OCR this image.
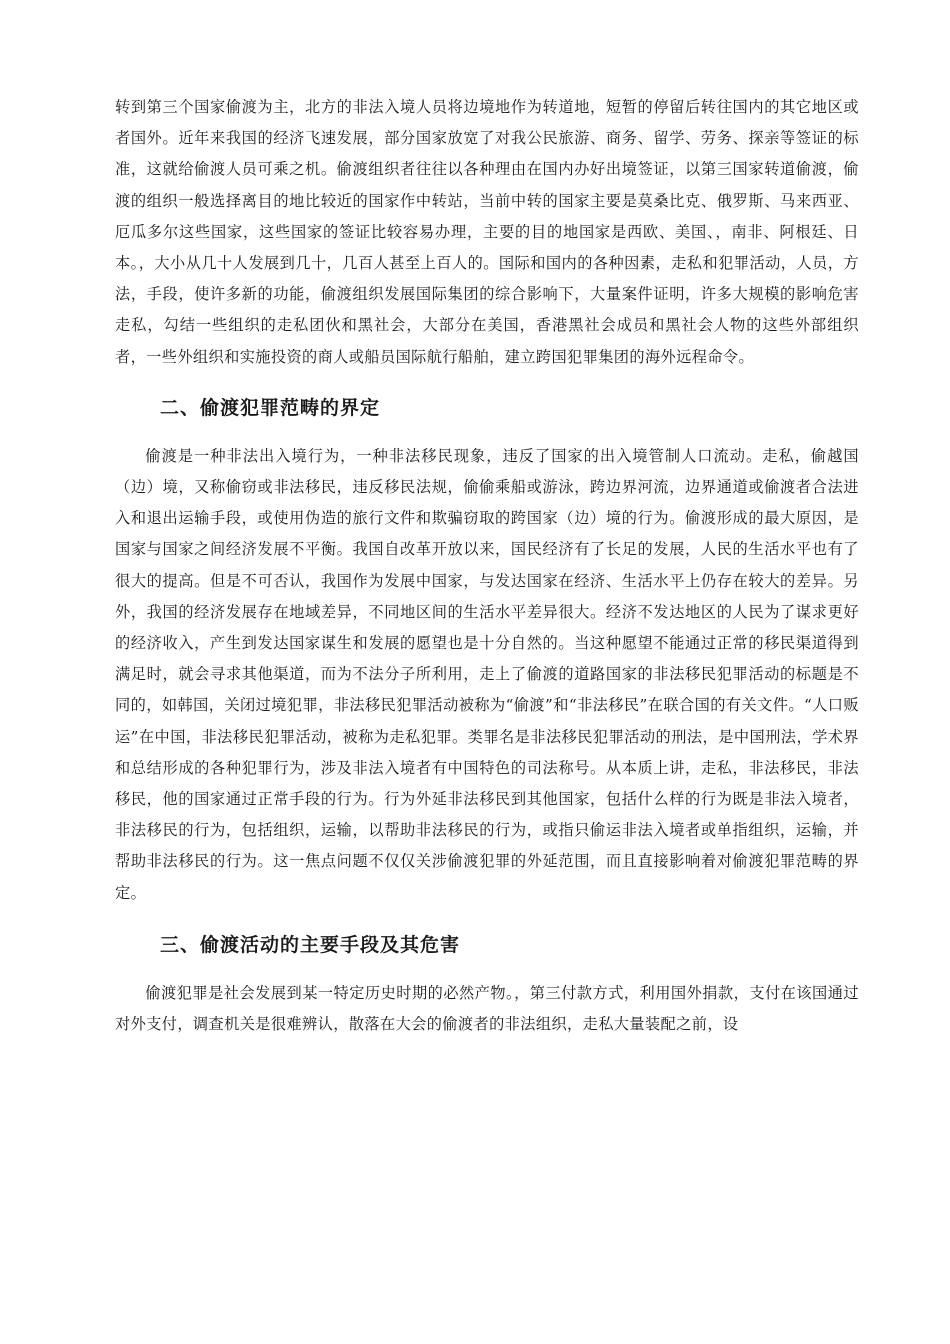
转到第三个国家偷渡为主，北方的非法入境人员将边境地作为转道地，短暂的停留后转往国内的其它地区或者国外。近年来我国的经济飞速发展，部分国家放宽了对我公民旅游、商务、留学、劳务、探亲等签证的标准，这就给偷渡人员可乘之机。偷渡组织者往往以各种理由在国内办好出境签证，以第三国家转道偷渡，偷渡的组织一般选择离目的地比较近的国家作中转站，当前中转的国家主要是莫桑比克、俄罗斯、马来西亚、厄瓜多尔这些国家，这些国家的签证比较容易办理，主要的目的地国家是西欧、美国、，南非、阿根廷、日本。，大小从几十人发展到几十，几百人甚至上百人的。国际和国内的各种因素，走私和犯罪活动，人员，方法，手段，使许多新的功能，偷渡组织发展国际集团的综合影响下，大量案件证明，许多大规模的影响危害走私，勾结一些组织的走私团伙和黑社会，大部分在美国，香港黑社会成员和黑社会人物的这些外部组织者，一些外组织和实施投资的商人或船员国际航行船舶，建立跨国犯罪集团的海外远程命令。

二、偷渡犯罪范畴的界定

偷渡是一种非法出入境行为，一种非法移民现象，违反了国家的出入境管制人口流动。走私，偷越国（边）境，又称偷窃或非法移民，违反移民法规，偷偷乘船或游泳，跨边界河流，边界通道或偷渡者合法进入和退出运输手段，或使用伪造的旅行文件和欺骗窃取的跨国家（边）境的行为。偷渡形成的最大原因，是国家与国家之间经济发展不平衡。我国自改革开放以来，国民经济有了长足的发展，人民的生活水平也有了很大的提高。但是不可否认，我国作为发展中国家，与发达国家在经济、生活水平上仍存在较大的差异。另外，我国的经济发展存在地域差异，不同地区间的生活水平差异很大。经济不发达地区的人民为了谋求更好的经济收入，产生到发达国家谋生和发展的愿望也是十分自然的。当这种愿望不能通过正常的移民渠道得到满足时，就会寻求其他渠道，而为不法分子所利用，走上了偷渡的道路国家的非法移民犯罪活动的标题是不同的，如韩国，关闭过境犯罪，非法移民犯罪活动被称为“偷渡”和“非法移民”在联合国的有关文件。“人口贩运”在中国，非法移民犯罪活动，被称为走私犯罪。类罪名是非法移民犯罪活动的刑法，是中国刑法，学术界和总结形成的各种犯罪行为，涉及非法入境者有中国特色的司法称号。从本质上讲，走私，非法移民，非法移民，他的国家通过正常手段的行为。行为外延非法移民到其他国家，包括什么样的行为既是非法入境者，非法移民的行为，包括组织，运输，以帮助非法移民的行为，或指只偷运非法入境者或单指组织，运输，并帮助非法移民的行为。这一焦点问题不仅仅关涉偷渡犯罪的外延范围，而且直接影响着对偷渡犯罪范畴的界定。

三、偷渡活动的主要手段及其危害

偷渡犯罪是社会发展到某一特定历史时期的必然产物。，第三付款方式，利用国外捐款，支付在该国通过对外支付，调查机关是很难辨认，散落在大会的偷渡者的非法组织，走私大量装配之前，设
